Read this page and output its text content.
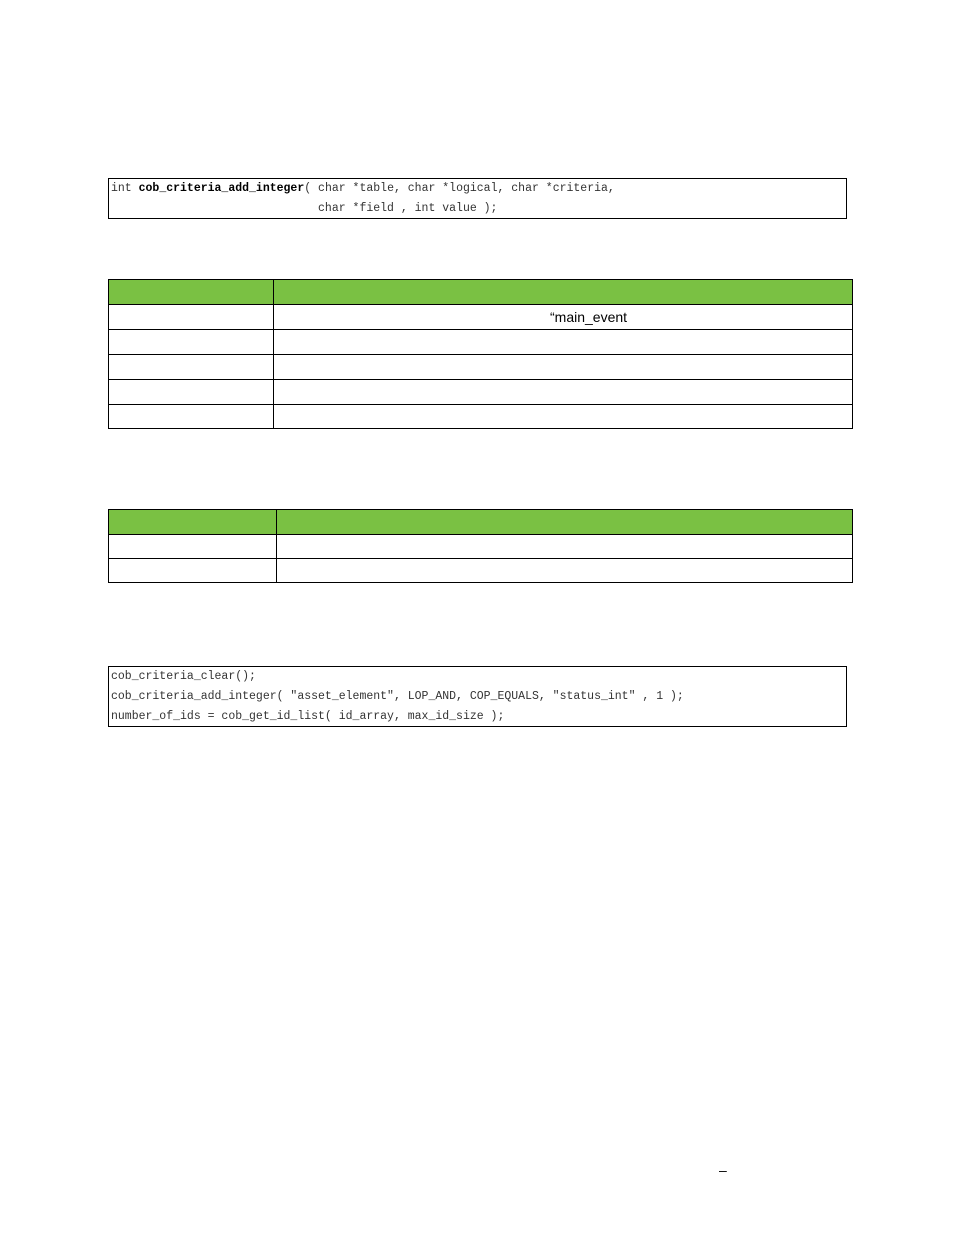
int cob_criteria_add_integer( char *table, char *logical, char *criteria,
char *field , int value );

	“main_event

cob_criteria_clear();
cob_criteria_add_integer( "asset_element", LOP_AND, COP_EQUALS, "status_int" , 1 );
number_of_ids = cob_get_id_list( id_array, max_id_size );
–
